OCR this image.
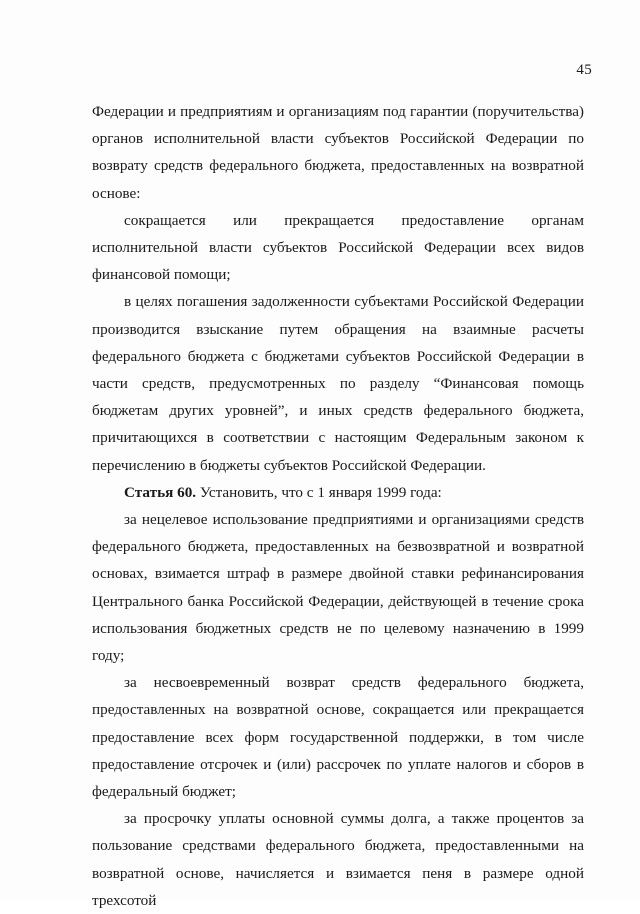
45

Федерации и предприятиям и организациям под гарантии (поручительства) органов исполнительной власти субъектов Российской Федерации по возврату средств федерального бюджета, предоставленных на возвратной основе:

сокращается или прекращается предоставление органам исполнительной власти субъектов Российской Федерации всех видов финансовой помощи;

в целях погашения задолженности субъектами Российской Федерации производится взыскание путем обращения на взаимные расчеты федерального бюджета с бюджетами субъектов Российской Федерации в части средств, предусмотренных по разделу “Финансовая помощь бюджетам других уровней”, и иных средств федерального бюджета, причитающихся в соответствии с настоящим Федеральным законом к перечислению в бюджеты субъектов Российской Федерации.

Статья 60. Установить, что с 1 января 1999 года:

за нецелевое использование предприятиями и организациями средств федерального бюджета, предоставленных на безвозвратной и возвратной основах, взимается штраф в размере двойной ставки рефинансирования Центрального банка Российской Федерации, действующей в течение срока использования бюджетных средств не по целевому назначению в 1999 году;

за несвоевременный возврат средств федерального бюджета, предоставленных на возвратной основе, сокращается или прекращается предоставление всех форм государственной поддержки, в том числе предоставление отсрочек и (или) рассрочек по уплате налогов и сборов в федеральный бюджет;

за просрочку уплаты основной суммы долга, а также процентов за пользование средствами федерального бюджета, предоставленными на возвратной основе, начисляется и взимается пеня в размере одной трехсотой
